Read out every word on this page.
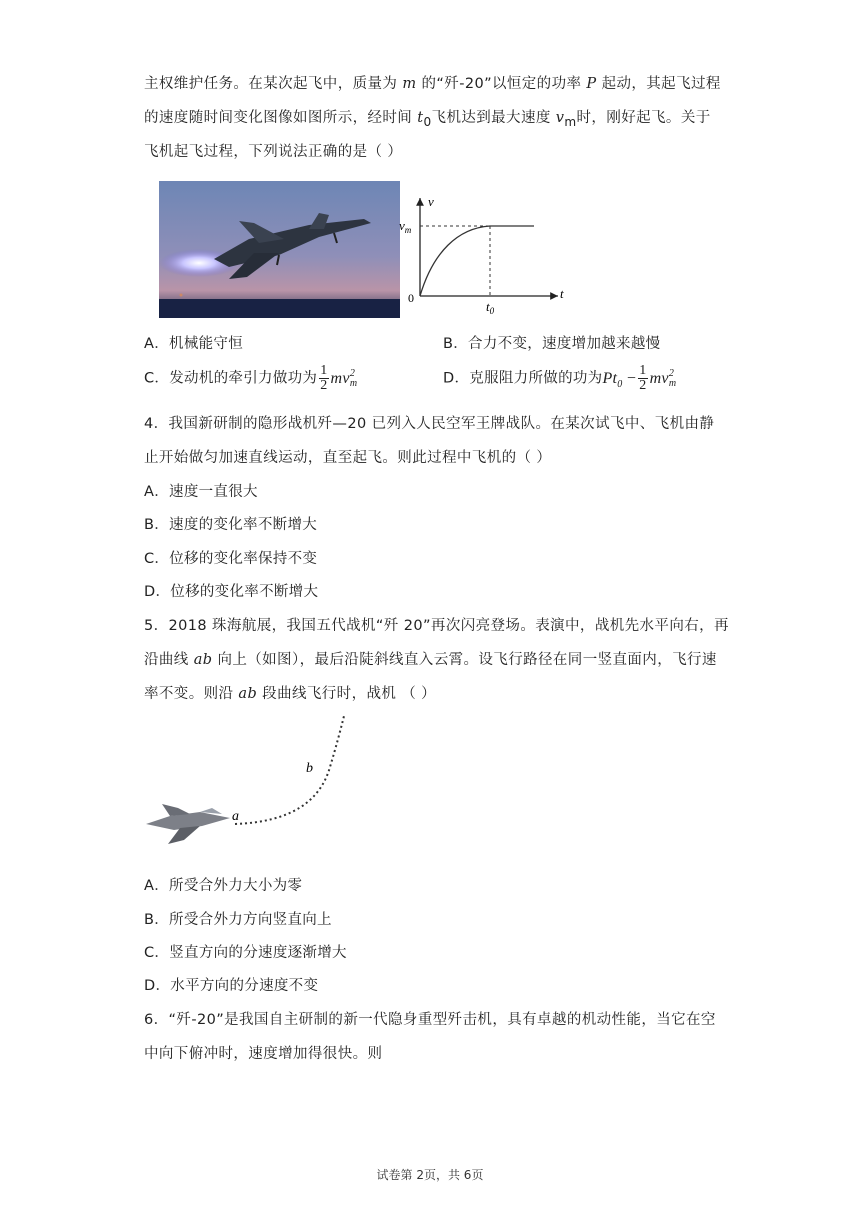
主权维护任务。在某次起飞中，质量为 m 的“歼-20”以恒定的功率 P 起动，其起飞过程
的速度随时间变化图像如图所示，经时间 $t_0$飞机达到最大速度 $v_m$时，刚好起飞。关于
飞机起飞过程，下列说法正确的是（ ）
v
t
$v_m$
0
$t_0$
A．机械能守恒	B．合力不变，速度增加越来越慢
C．发动机的牵引力做功为 $\frac{1}{2}$ mv 2
m	D．克服阻力所做的功为$Pt_0 - \frac{1}{2}$ mv 2
m
4．我国新研制的隐形战机歼—20 已列入人民空军王牌战队。在某次试飞中、飞机由静
止开始做匀加速直线运动，直至起飞。则此过程中飞机的（ ）
A．速度一直很大
B．速度的变化率不断增大
C．位移的变化率保持不变
D．位移的变化率不断增大
5．2018 珠海航展，我国五代战机“歼 20”再次闪亮登场。表演中，战机先水平向右，再
沿曲线 ab 向上（如图），最后沿陡斜线直入云霄。设飞行路径在同一竖直面内，飞行速
率不变。则沿 ab 段曲线飞行时，战机 （ ）
a
b
A．所受合外力大小为零
B．所受合外力方向竖直向上
C．竖直方向的分速度逐渐增大
D．水平方向的分速度不变
6．“歼-20”是我国自主研制的新一代隐身重型歼击机，具有卓越的机动性能，当它在空
中向下俯冲时，速度增加得很快。则
试卷第 2页，共 6页
